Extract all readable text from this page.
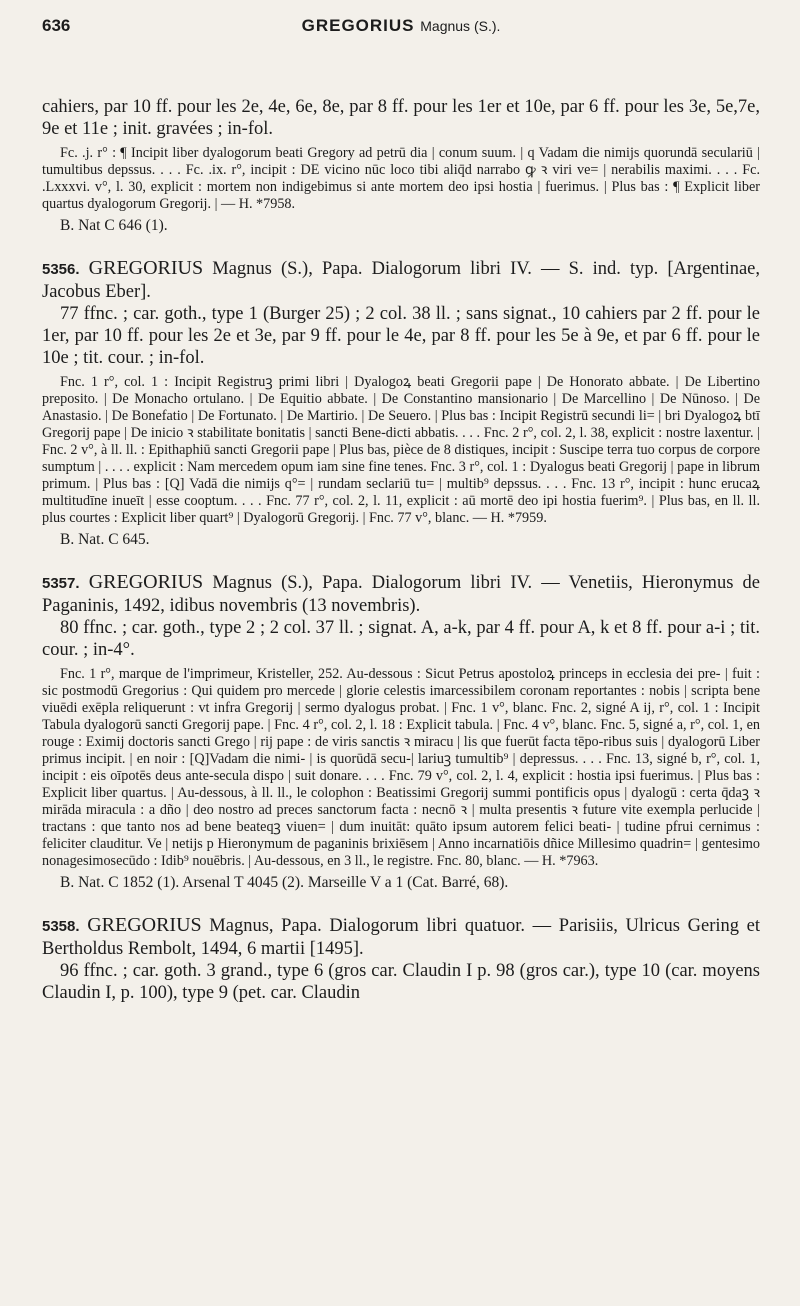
636	GREGORIUS Magnus (S.).

cahiers, par 10 ff. pour les 2e, 4e, 6e, 8e, par 8 ff. pour les 1er et 10e, par 6 ff. pour les 3e, 5e,7e, 9e et 11e ; init. gravées ; in-fol.

Fc. .j. r° : ¶ Incipit liber dyalogorum beati Gregory ad petrū dia | conum suum. | q Vadam die nimijs quorundā seculariū | tumultibus depssus. . . . Fc. .ix. r°, incipit : DE vicino nūc loco tibi aliq̄d narrabo ꝙ ꝛ viri ve= | nerabilis maximi. . . . Fc. .Lxxxvi. v°, l. 30, explicit : mortem non indigebimus si ante mortem deo ipsi hostia | fuerimus. | Plus bas : ¶ Explicit liber quartus dyalogorum Gregorij. | — H. *7958.

B. Nat C 646 (1).

5356. GREGORIUS Magnus (S.), Papa. Dialogorum libri IV. — S. ind. typ. [Argentinae, Jacobus Eber].

77 ffnc. ; car. goth., type 1 (Burger 25) ; 2 col. 38 ll. ; sans signat., 10 cahiers par 2 ff. pour le 1er, par 10 ff. pour les 2e et 3e, par 9 ff. pour le 4e, par 8 ff. pour les 5e à 9e, et par 6 ff. pour le 10e ; tit. cour. ; in-fol.

Fnc. 1 r°, col. 1 : Incipit Registruꝫ primi libri | Dyalogoꝝ beati Gregorii pape | De Honorato abbate. | De Libertino preposito. | De Monacho ortulano. | De Equitio abbate. | De Constantino mansionario | De Marcellino | De Nūnoso. | De Anastasio. | De Bonefatio | De Fortunato. | De Martirio. | De Seuero. | Plus bas : Incipit Registrū secundi li= | bri Dyalogoꝝ btī Gregorij pape | De inicio ꝛ stabilitate bonitatis | sancti Bene-dicti abbatis. . . . Fnc. 2 r°, col. 2, l. 38, explicit : nostre laxentur. | Fnc. 2 v°, à ll. ll. : Epithaphiū sancti Gregorii pape | Plus bas, pièce de 8 distiques, incipit : Suscipe terra tuo corpus de corpore sumptum | . . . . explicit : Nam mercedem opum iam sine fine tenes. Fnc. 3 r°, col. 1 : Dyalogus beati Gregorij | pape in librum primum. | Plus bas : [Q] Vadā die nimijs q°= | rundam seclariū tu= | multib⁹ depssus. . . . Fnc. 13 r°, incipit : hunc erucaꝝ multitudīne inueīt | esse cooptum. . . . Fnc. 77 r°, col. 2, l. 11, explicit : aū mortē deo ipi hostia fuerim⁹. | Plus bas, en ll. ll. plus courtes : Explicit liber quart⁹ | Dyalogorū Gregorij. | Fnc. 77 v°, blanc. — H. *7959.

B. Nat. C 645.

5357. GREGORIUS Magnus (S.), Papa. Dialogorum libri IV. — Venetiis, Hieronymus de Paganinis, 1492, idibus novembris (13 novembris).

80 ffnc. ; car. goth., type 2 ; 2 col. 37 ll. ; signat. A, a-k, par 4 ff. pour A, k et 8 ff. pour a-i ; tit. cour. ; in-4°.

Fnc. 1 r°, marque de l'imprimeur, Kristeller, 252. Au-dessous : Sicut Petrus apostoloꝝ princeps in ecclesia dei pre- | fuit : sic postmodū Gregorius : Qui quidem pro mercede | glorie celestis imarcessibilem coronam reportantes : nobis | scripta bene viuēdi exēpla reliquerunt : vt infra Gregorij | sermo dyalogus probat. | Fnc. 1 v°, blanc. Fnc. 2, signé A ij, r°, col. 1 : Incipit Tabula dyalogorū sancti Gregorij pape. | Fnc. 4 r°, col. 2, l. 18 : Explicit tabula. | Fnc. 4 v°, blanc. Fnc. 5, signé a, r°, col. 1, en rouge : Eximij doctoris sancti Grego | rij pape : de viris sanctis ꝛ miracu | lis que fuerūt facta tēpo-ribus suis | dyalogorū Liber primus incipit. | en noir : [Q]Vadam die nimi- | is quorūdā secu-| lariuꝫ tumultib⁹ | depressus. . . . Fnc. 13, signé b, r°, col. 1, incipit : eis oīpotēs deus ante-secula dispo | suit donare. . . . Fnc. 79 v°, col. 2, l. 4, explicit : hostia ipsi fuerimus. | Plus bas : Explicit liber quartus. | Au-dessous, à ll. ll., le colophon : Beatissimi Gregorij summi pontificis opus | dyalogū : certa q̄daꝫ ꝛ mirāda miracula : a dño | deo nostro ad preces sanctorum facta : necnō ꝛ | multa presentis ꝛ future vite exempla perlucide | tractans : que tanto nos ad bene beateqꝫ viuen= | dum inuitāt: quāto ipsum autorem felici beati- | tudine pfrui cernimus : feliciter clauditur. Ve | netijs p Hieronymum de paganinis brixiēsem | Anno incarnatiōis dñice Millesimo quadrin= | gentesimo nonagesimosecūdo : Idib⁹ nouēbris. | Au-dessous, en 3 ll., le registre. Fnc. 80, blanc. — H. *7963.

B. Nat. C 1852 (1). Arsenal T 4045 (2). Marseille V a 1 (Cat. Barré, 68).

5358. GREGORIUS Magnus, Papa. Dialogorum libri quatuor. — Parisiis, Ulricus Gering et Bertholdus Rembolt, 1494, 6 martii [1495].

96 ffnc. ; car. goth. 3 grand., type 6 (gros car. Claudin I p. 98 (gros car.), type 10 (car. moyens Claudin I, p. 100), type 9 (pet. car. Claudin
